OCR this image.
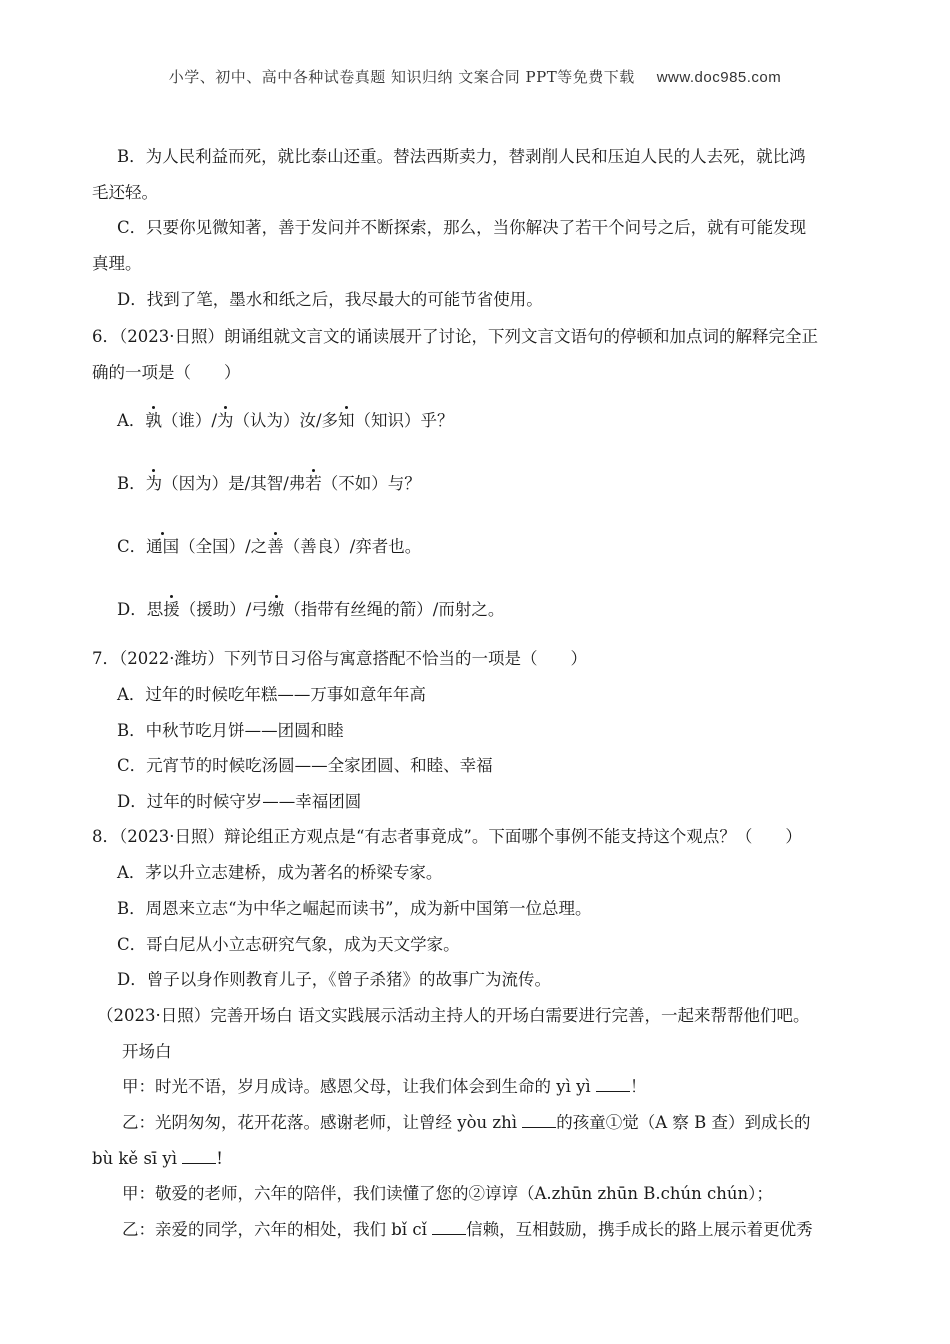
小学、初中、高中各种试卷真题 知识归纳 文案合同 PPT等免费下载 www.doc985.com
B．为人民利益而死，就比泰山还重。替法西斯卖力，替剥削人民和压迫人民的人去死，就比鸿
毛还轻。
C．只要你见微知著，善于发问并不断探索，那么，当你解决了若干个问号之后，就有可能发现
真理。
D．找到了笔，墨水和纸之后，我尽最大的可能节省使用。
6．（2023·日照）朗诵组就文言文的诵读展开了讨论，下列文言文语句的停顿和加点词的解释完全正
确的一项是（　　）
A．孰（谁）/为（认为）汝/多知（知识）乎？
B．为（因为）是/其智/弗若（不如）与？
C．通国（全国）/之善（善良）/弈者也。
D．思援（援助）/弓缴（指带有丝绳的箭）/而射之。
7．（2022·潍坊）下列节日习俗与寓意搭配不恰当的一项是（　　）
A．过年的时候吃年糕——万事如意年年高
B．中秋节吃月饼——团圆和睦
C．元宵节的时候吃汤圆——全家团圆、和睦、幸福
D．过年的时候守岁——幸福团圆
8．（2023·日照）辩论组正方观点是“有志者事竟成”。下面哪个事例不能支持这个观点？（　　）
A．茅以升立志建桥，成为著名的桥梁专家。
B．周恩来立志“为中华之崛起而读书”，成为新中国第一位总理。
C．哥白尼从小立志研究气象，成为天文学家。
D．曾子以身作则教育儿子，《曾子杀猪》的故事广为流传。
（2023·日照）完善开场白 语文实践展示活动主持人的开场白需要进行完善，一起来帮帮他们吧。
开场白
甲：时光不语，岁月成诗。感恩父母，让我们体会到生命的 yì yì ！
乙：光阴匆匆，花开花落。感谢老师，让曾经 yòu zhì 的孩童①觉（A 察 B 查）到成长的
bù kě sī yì !
甲：敬爱的老师，六年的陪伴，我们读懂了您的②谆谆（A.zhūn zhūn B.chún chún）；
乙：亲爱的同学，六年的相处，我们 bǐ cǐ 信赖，互相鼓励，携手成长的路上展示着更优秀
